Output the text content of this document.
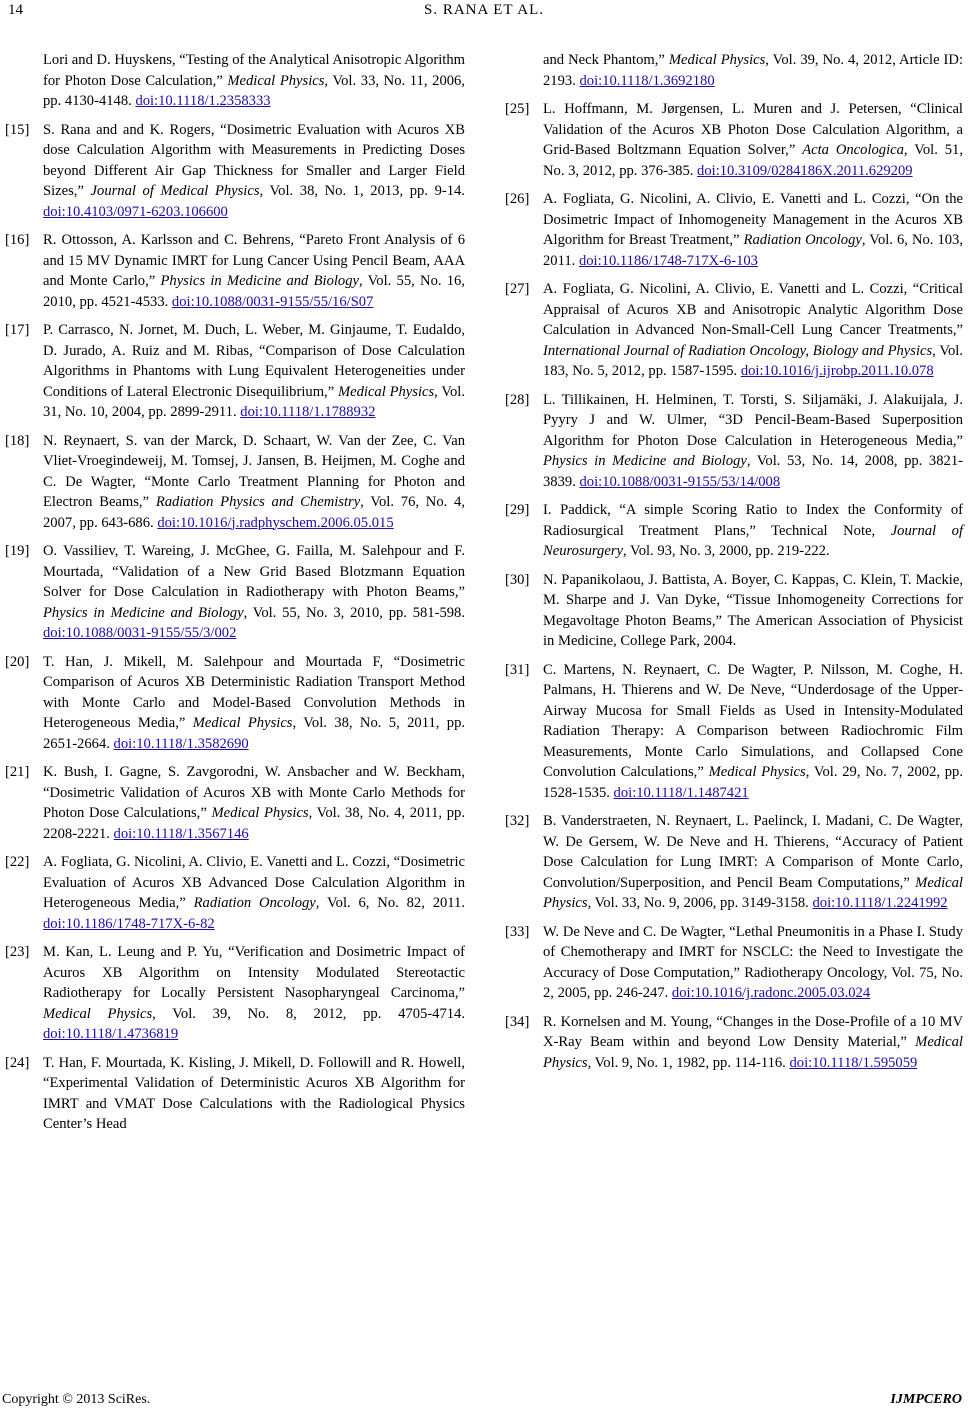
14	S. RANA ET AL.
Lori and D. Huyskens, “Testing of the Analytical Anisotropic Algorithm for Photon Dose Calculation,” Medical Physics, Vol. 33, No. 11, 2006, pp. 4130-4148. doi:10.1118/1.2358333
[15] S. Rana and and K. Rogers, “Dosimetric Evaluation with Acuros XB dose Calculation Algorithm with Measurements in Predicting Doses beyond Different Air Gap Thickness for Smaller and Larger Field Sizes,” Journal of Medical Physics, Vol. 38, No. 1, 2013, pp. 9-14. doi:10.4103/0971-6203.106600
[16] R. Ottosson, A. Karlsson and C. Behrens, “Pareto Front Analysis of 6 and 15 MV Dynamic IMRT for Lung Cancer Using Pencil Beam, AAA and Monte Carlo,” Physics in Medicine and Biology, Vol. 55, No. 16, 2010, pp. 4521-4533. doi:10.1088/0031-9155/55/16/S07
[17] P. Carrasco, N. Jornet, M. Duch, L. Weber, M. Ginjaume, T. Eudaldo, D. Jurado, A. Ruiz and M. Ribas, “Comparison of Dose Calculation Algorithms in Phantoms with Lung Equivalent Heterogeneities under Conditions of Lateral Electronic Disequilibrium,” Medical Physics, Vol. 31, No. 10, 2004, pp. 2899-2911. doi:10.1118/1.1788932
[18] N. Reynaert, S. van der Marck, D. Schaart, W. Van der Zee, C. Van Vliet-Vroegindeweij, M. Tomsej, J. Jansen, B. Heijmen, M. Coghe and C. De Wagter, “Monte Carlo Treatment Planning for Photon and Electron Beams,” Radiation Physics and Chemistry, Vol. 76, No. 4, 2007, pp. 643-686. doi:10.1016/j.radphyschem.2006.05.015
[19] O. Vassiliev, T. Wareing, J. McGhee, G. Failla, M. Salehpour and F. Mourtada, “Validation of a New Grid Based Blotzmann Equation Solver for Dose Calculation in Radiotherapy with Photon Beams,” Physics in Medicine and Biology, Vol. 55, No. 3, 2010, pp. 581-598. doi:10.1088/0031-9155/55/3/002
[20] T. Han, J. Mikell, M. Salehpour and Mourtada F, “Dosimetric Comparison of Acuros XB Deterministic Radiation Transport Method with Monte Carlo and Model-Based Convolution Methods in Heterogeneous Media,” Medical Physics, Vol. 38, No. 5, 2011, pp. 2651-2664. doi:10.1118/1.3582690
[21] K. Bush, I. Gagne, S. Zavgorodni, W. Ansbacher and W. Beckham, “Dosimetric Validation of Acuros XB with Monte Carlo Methods for Photon Dose Calculations,” Medical Physics, Vol. 38, No. 4, 2011, pp. 2208-2221. doi:10.1118/1.3567146
[22] A. Fogliata, G. Nicolini, A. Clivio, E. Vanetti and L. Cozzi, “Dosimetric Evaluation of Acuros XB Advanced Dose Calculation Algorithm in Heterogeneous Media,” Radiation Oncology, Vol. 6, No. 82, 2011. doi:10.1186/1748-717X-6-82
[23] M. Kan, L. Leung and P. Yu, “Verification and Dosimetric Impact of Acuros XB Algorithm on Intensity Modulated Stereotactic Radiotherapy for Locally Persistent Nasopharyngeal Carcinoma,” Medical Physics, Vol. 39, No. 8, 2012, pp. 4705-4714. doi:10.1118/1.4736819
[24] T. Han, F. Mourtada, K. Kisling, J. Mikell, D. Followill and R. Howell, “Experimental Validation of Deterministic Acuros XB Algorithm for IMRT and VMAT Dose Calculations with the Radiological Physics Center’s Head
and Neck Phantom,” Medical Physics, Vol. 39, No. 4, 2012, Article ID: 2193. doi:10.1118/1.3692180
[25] L. Hoffmann, M. Jørgensen, L. Muren and J. Petersen, “Clinical Validation of the Acuros XB Photon Dose Calculation Algorithm, a Grid-Based Boltzmann Equation Solver,” Acta Oncologica, Vol. 51, No. 3, 2012, pp. 376-385. doi:10.3109/0284186X.2011.629209
[26] A. Fogliata, G. Nicolini, A. Clivio, E. Vanetti and L. Cozzi, “On the Dosimetric Impact of Inhomogeneity Management in the Acuros XB Algorithm for Breast Treatment,” Radiation Oncology, Vol. 6, No. 103, 2011. doi:10.1186/1748-717X-6-103
[27] A. Fogliata, G. Nicolini, A. Clivio, E. Vanetti and L. Cozzi, “Critical Appraisal of Acuros XB and Anisotropic Analytic Algorithm Dose Calculation in Advanced Non-Small-Cell Lung Cancer Treatments,” International Journal of Radiation Oncology, Biology and Physics, Vol. 183, No. 5, 2012, pp. 1587-1595. doi:10.1016/j.ijrobp.2011.10.078
[28] L. Tillikainen, H. Helminen, T. Torsti, S. Siljamäki, J. Alakuijala, J. Pyyry J and W. Ulmer, “3D Pencil-Beam-Based Superposition Algorithm for Photon Dose Calculation in Heterogeneous Media,” Physics in Medicine and Biology, Vol. 53, No. 14, 2008, pp. 3821-3839. doi:10.1088/0031-9155/53/14/008
[29] I. Paddick, “A simple Scoring Ratio to Index the Conformity of Radiosurgical Treatment Plans,” Technical Note, Journal of Neurosurgery, Vol. 93, No. 3, 2000, pp. 219-222.
[30] N. Papanikolaou, J. Battista, A. Boyer, C. Kappas, C. Klein, T. Mackie, M. Sharpe and J. Van Dyke, “Tissue Inhomogeneity Corrections for Megavoltage Photon Beams,” The American Association of Physicist in Medicine, College Park, 2004.
[31] C. Martens, N. Reynaert, C. De Wagter, P. Nilsson, M. Coghe, H. Palmans, H. Thierens and W. De Neve, “Underdosage of the Upper-Airway Mucosa for Small Fields as Used in Intensity-Modulated Radiation Therapy: A Comparison between Radiochromic Film Measurements, Monte Carlo Simulations, and Collapsed Cone Convolution Calculations,” Medical Physics, Vol. 29, No. 7, 2002, pp. 1528-1535. doi:10.1118/1.1487421
[32] B. Vanderstraeten, N. Reynaert, L. Paelinck, I. Madani, C. De Wagter, W. De Gersem, W. De Neve and H. Thierens, “Accuracy of Patient Dose Calculation for Lung IMRT: A Comparison of Monte Carlo, Convolution/Superposition, and Pencil Beam Computations,” Medical Physics, Vol. 33, No. 9, 2006, pp. 3149-3158. doi:10.1118/1.2241992
[33] W. De Neve and C. De Wagter, “Lethal Pneumonitis in a Phase I. Study of Chemotherapy and IMRT for NSCLC: the Need to Investigate the Accuracy of Dose Computation,” Radiotherapy Oncology, Vol. 75, No. 2, 2005, pp. 246-247. doi:10.1016/j.radonc.2005.03.024
[34] R. Kornelsen and M. Young, “Changes in the Dose-Profile of a 10 MV X-Ray Beam within and beyond Low Density Material,” Medical Physics, Vol. 9, No. 1, 1982, pp. 114-116. doi:10.1118/1.595059
Copyright © 2013 SciRes.	IJMPCERO
